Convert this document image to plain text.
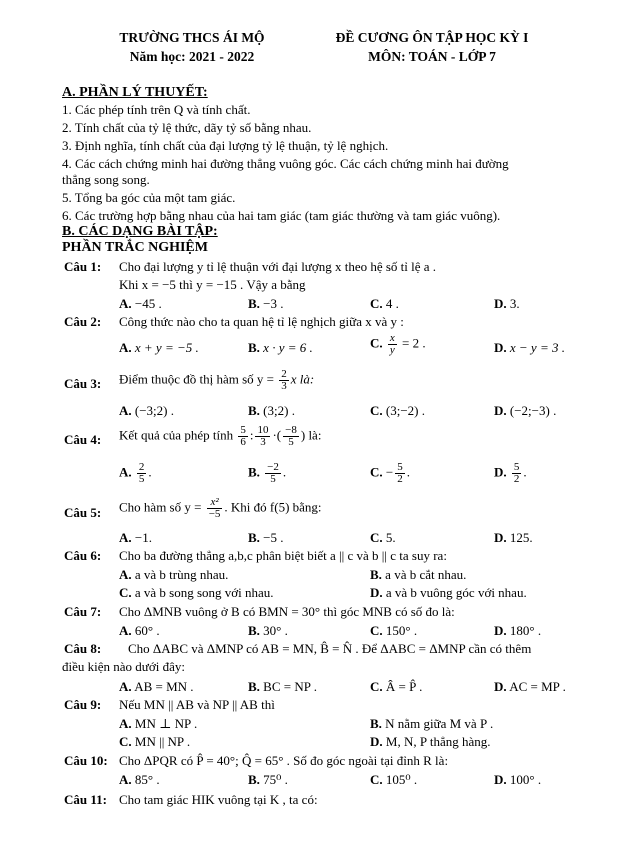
TRƯỜNG THCS ÁI MỘ
Năm học: 2021 - 2022
ĐỀ CƯƠNG ÔN TẬP HỌC KỲ I
MÔN: TOÁN - LỚP 7
A. PHẦN LÝ THUYẾT:
1. Các phép tính trên Q và tính chất.
2. Tính chất của tỷ lệ thức, dãy tỷ số bằng nhau.
3. Định nghĩa, tính chất của đại lượng tỷ lệ thuận, tỷ lệ nghịch.
4. Các cách chứng minh hai đường thẳng vuông góc. Các cách chứng minh hai đường
thẳng song song.
5. Tổng ba góc của một tam giác.
6. Các trường hợp bằng nhau của hai tam giác (tam giác thường và tam giác vuông).
B. CÁC DẠNG BÀI TẬP:
PHẦN TRẮC NGHIỆM
Câu 1: Cho đại lượng y tỉ lệ thuận với đại lượng x theo hệ số tỉ lệ a .
Khi x = −5 thì y = −15 . Vậy a bằng
A. −45 .	B. −3 .	C. 4 .	D. 3.
Câu 2: Công thức nào cho ta quan hệ tỉ lệ nghịch giữa x và y :
A. x + y = −5 .	B. x · y = 6 .	C. $\frac{x}{y} = 2$ .	D. x − y = 3 .
Câu 3: Điểm thuộc đồ thị hàm số $y = \frac{2}{3}$ x là:
A. (−3;2) .	B. (3;2) .	C. (3;−2) .	D. (−2;−3) .
Câu 4: Kết quả của phép tính $\frac{5}{6}$ : $\frac{10}{3}$ ·( $\frac{-8}{5}$ ) là:
A. $\frac{2}{5}$ .	B. $\frac{-2}{5}$ .	C. − $\frac{5}{2}$ .	D. $\frac{5}{2}$ .
Câu 5: Cho hàm số $y = \frac{\text{x²}}{-5}$ . Khi đó f(5) bằng:
A. −1.	B. −5 .	C. 5.	D. 125.
Câu 6: Cho ba đường thẳng a,b,c phân biệt biết a || c và b || c ta suy ra:
A. a và b trùng nhau.	B. a và b cắt nhau.
C. a và b song song với nhau.	D. a và b vuông góc với nhau.
Câu 7: Cho ΔMNB vuông ở B có BMN = 30° thì góc MNB có số đo là:
A. 60° .	B. 30° .	C. 150° .	D. 180° .
Câu 8: Cho ΔABC và ΔMNP có AB = MN, B̂ = N̂ . Để ΔABC = ΔMNP cần có thêm
điều kiện nào dưới đây:
A. AB = MN .	B. BC = NP .	C. Â = P̂ .	D. AC = MP .
Câu 9: Nếu MN || AB và NP || AB thì
A. MN ⊥ NP .	B. N nằm giữa M và P .
C. MN || NP .	D. M, N, P thẳng hàng.
Câu 10: Cho ΔPQR có P̂ = 40°; Q̂ = 65° . Số đo góc ngoài tại đỉnh R là:
A. 85° .	B. 75⁰ .	C. 105⁰ .	D. 100° .
Câu 11: Cho tam giác HIK vuông tại K , ta có:
